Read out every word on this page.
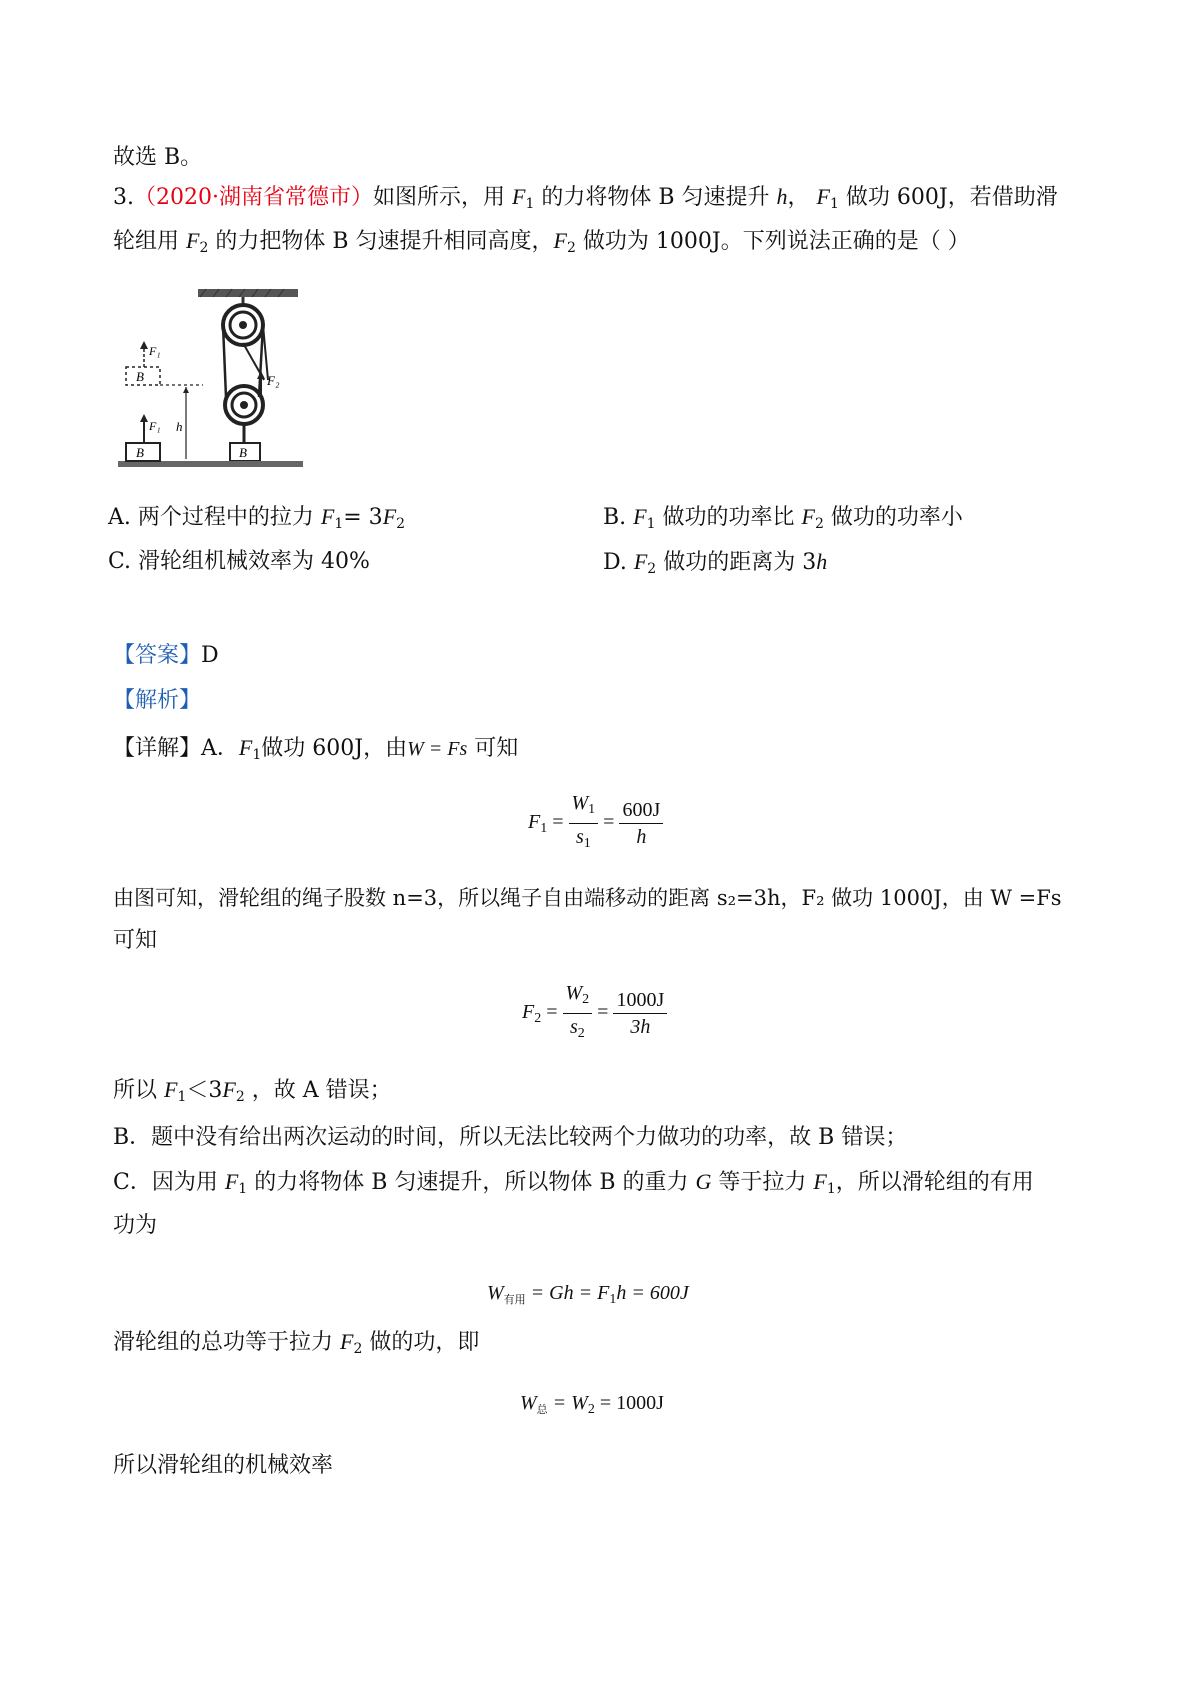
故选 B。
3.（2020·湖南省常德市）如图所示，用 $F_1$ 的力将物体 B 匀速提升 h， $F_1$ 做功 600J，若借助滑
轮组用 $F_2$ 的力把物体 B 匀速提升相同高度，$F_2$ 做功为 1000J。下列说法正确的是（ ）
F₂
B
B
F₁
B
F₁
h
A. 两个过程中的拉力 $F_1= 3F_2$	B. $F_1$ 做功的功率比 $F_2$ 做功的功率小
C. 滑轮组机械效率为 40%	D. $F_2$ 做功的距离为 3h
【答案】D
【解析】
【详解】A．$F_1$做功 600J，由W = Fs 可知
$F_1 = \frac{W_1}{s_1} = \frac{600J}{h}$
由图可知，滑轮组的绳子股数 n=3，所以绳子自由端移动的距离 s₂=3h，F₂ 做功 1000J，由 W =Fs
可知
$F_2 = \frac{W_2}{s_2} = \frac{1000J}{3h}$
所以 $F_1<3F_2$ ，故 A 错误；
B．题中没有给出两次运动的时间，所以无法比较两个力做功的功率，故 B 错误；
C．因为用 $F_1$ 的力将物体 B 匀速提升，所以物体 B 的重力 G 等于拉力 $F_1$，所以滑轮组的有用
功为
$W_{有用} = Gh = F_1h = 600J$
滑轮组的总功等于拉力 $F_2$ 做的功，即
$W_总 = W_2 = 1000J$
所以滑轮组的机械效率
